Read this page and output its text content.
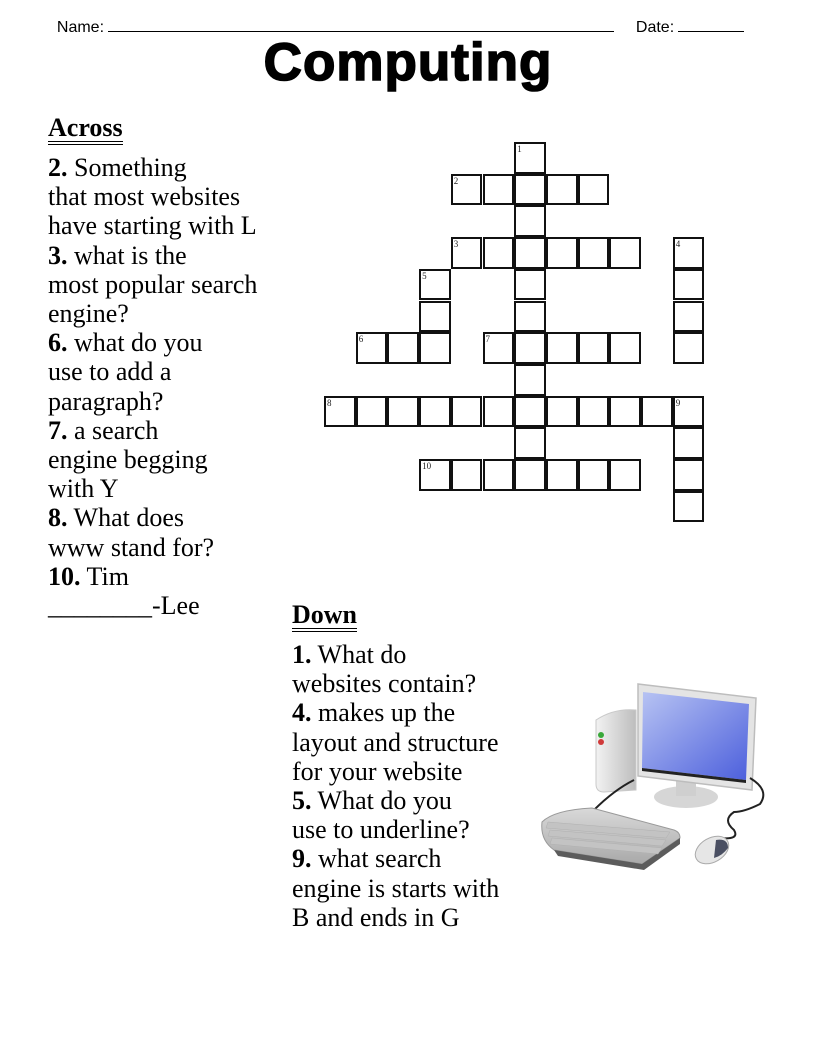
Name:	Date:

Computing
Across
2. Something
that most websites
have starting with L
3. what is the
most popular search
engine?
6. what do you
use to add a
paragraph?
7. a search
engine begging
with Y
8. What does
www stand for?
10. Tim
________-Lee
1
2
3	4
5
6	7
8	9
10
Down
1. What do
websites contain?
4. makes up the
layout and structure
for your website
5. What do you
use to underline?
9. what search
engine is starts with
B and ends in G
